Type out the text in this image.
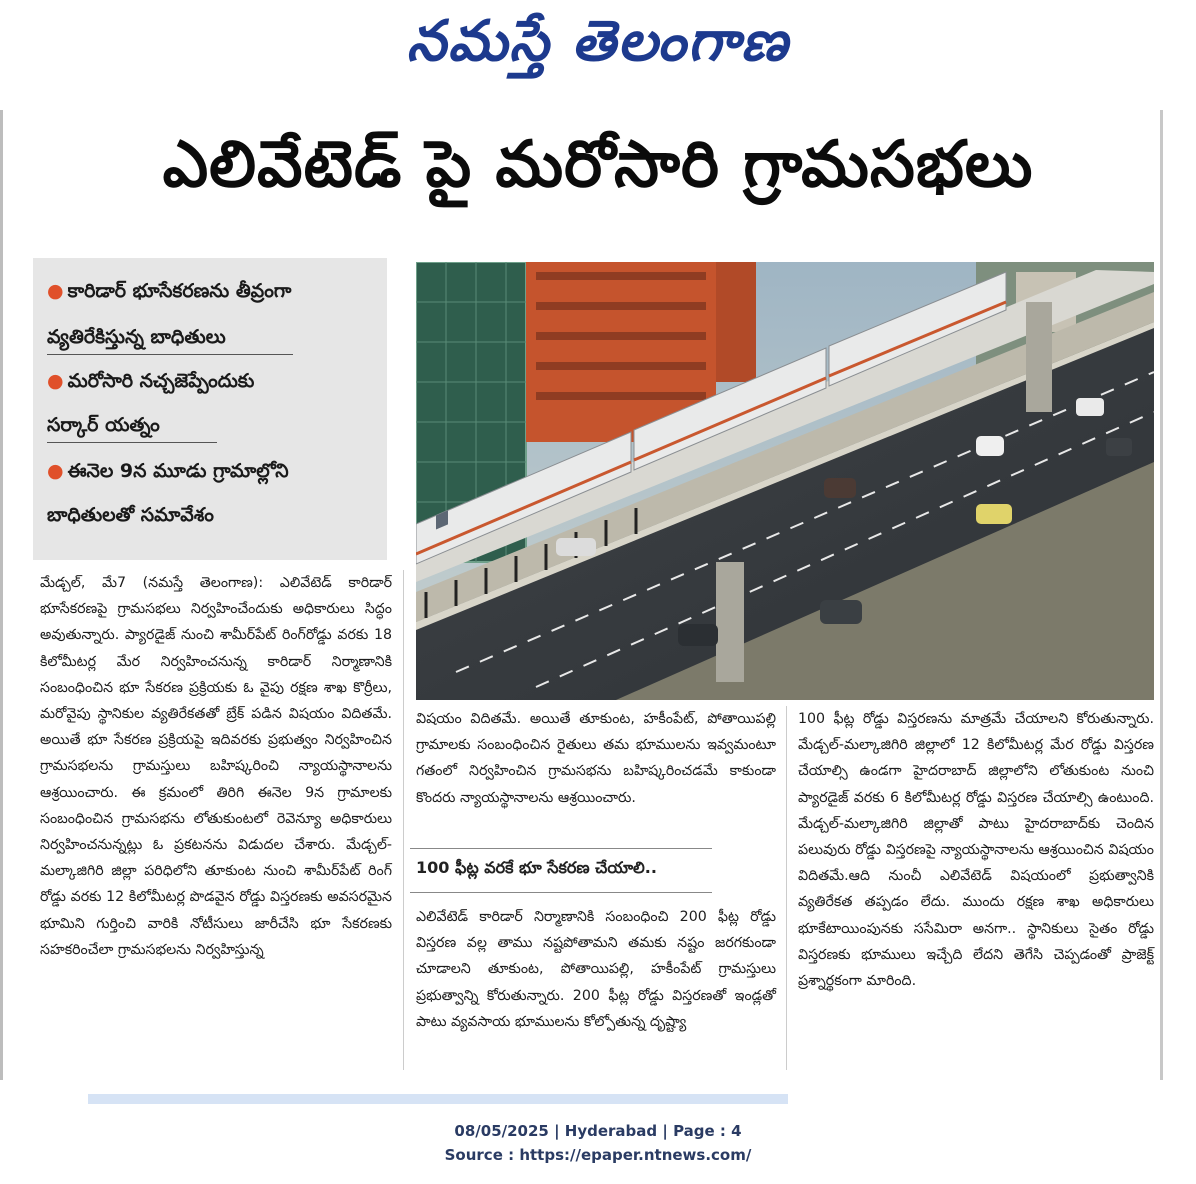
నమస్తే తెలంగాణ
ఎలివేటెడ్ పై మరోసారి గ్రామసభలు
● కారిడార్ భూసేకరణను తీవ్రంగా
వ్యతిరేకిస్తున్న బాధితులు
● మరోసారి నచ్చజెప్పేందుకు
సర్కార్ యత్నం
● ఈనెల 9న మూడు గ్రామాల్లోని
బాధితులతో సమావేశం

మేడ్చల్, మే7 (నమస్తే తెలంగాణ): ఎలివేటెడ్ కారిడార్ భూసేకరణపై గ్రామసభలు నిర్వహించేందుకు అధికారులు సిద్ధం అవుతున్నారు. ప్యారడైజ్ నుంచి శామీర్‌పేట్ రింగ్‌రోడ్డు వరకు 18 కిలోమీటర్ల మేర నిర్వహించనున్న కారిడార్ నిర్మాణానికి సంబంధించిన భూ సేకరణ ప్రక్రియకు ఓ వైపు రక్షణ శాఖ కొర్రీలు, మరోవైపు స్థానికుల వ్యతిరేకతతో బ్రేక్ పడిన విషయం విదితమే. అయితే భూ సేకరణ ప్రక్రియపై ఇదివరకు ప్రభుత్వం నిర్వహించిన గ్రామసభలను గ్రామస్తులు బహిష్కరించి న్యాయస్థానాలను ఆశ్రయించారు. ఈ క్రమంలో తిరిగి ఈనెల 9న గ్రామాలకు సంబంధించిన గ్రామసభను లోతుకుంటలో రెవెన్యూ అధికారులు నిర్వహించనున్నట్లు ఓ ప్రకటనను విడుదల చేశారు. మేడ్చల్-మల్కాజిగిరి జిల్లా పరిధిలోని తూకుంట నుంచి శామీర్‌పేట్ రింగ్ రోడ్డు వరకు 12 కిలోమీటర్ల పొడవైన రోడ్డు విస్తరణకు అవసరమైన భూమిని గుర్తించి వారికి నోటీసులు జారీచేసి భూ సేకరణకు సహకరించేలా గ్రామసభలను నిర్వహిస్తున్న

విషయం విదితమే. అయితే తూకుంట, హకీంపేట్, పోతాయిపల్లి గ్రామాలకు సంబంధించిన రైతులు తమ భూములను ఇవ్వమంటూ గతంలో నిర్వహించిన గ్రామసభను బహిష్కరించడమే కాకుండా కొందరు న్యాయస్థానాలను ఆశ్రయించారు.

100 ఫీట్ల వరకే భూ సేకరణ చేయాలి..

ఎలివేటెడ్ కారిడార్ నిర్మాణానికి సంబంధించి 200 ఫీట్ల రోడ్డు విస్తరణ వల్ల తాము నష్టపోతామని తమకు నష్టం జరగకుండా చూడాలని తూకుంట, పోతాయిపల్లి, హకీంపేట్ గ్రామస్తులు ప్రభుత్వాన్ని కోరుతున్నారు. 200 ఫీట్ల రోడ్డు విస్తరణతో ఇండ్లతో పాటు వ్యవసాయ భూములను కోల్పోతున్న దృష్ట్యా

100 ఫీట్ల రోడ్డు విస్తరణను మాత్రమే చేయాలని కోరుతున్నారు. మేడ్చల్-మల్కాజిగిరి జిల్లాలో 12 కిలోమీటర్ల మేర రోడ్డు విస్తరణ చేయాల్సి ఉండగా హైదరాబాద్ జిల్లాలోని లోతుకుంట నుంచి ప్యారడైజ్ వరకు 6 కిలోమీటర్ల రోడ్డు విస్తరణ చేయాల్సి ఉంటుంది. మేడ్చల్-మల్కాజిగిరి జిల్లాతో పాటు హైదరాబాద్‌కు చెందిన పలువురు రోడ్డు విస్తరణపై న్యాయస్థానాలను ఆశ్రయించిన విషయం విదితమే.ఆది నుంచీ ఎలివేటెడ్ విషయంలో ప్రభుత్వానికి వ్యతిరేకత తప్పడం లేదు. ముందు రక్షణ శాఖ అధికారులు భూకేటాయింపునకు ససేమిరా అనగా.. స్థానికులు సైతం రోడ్డు విస్తరణకు భూములు ఇచ్చేది లేదని తెగేసి చెప్పడంతో ప్రాజెక్ట్ ప్రశ్నార్థకంగా మారింది.

08/05/2025 | Hyderabad | Page : 4
Source : https://epaper.ntnews.com/
